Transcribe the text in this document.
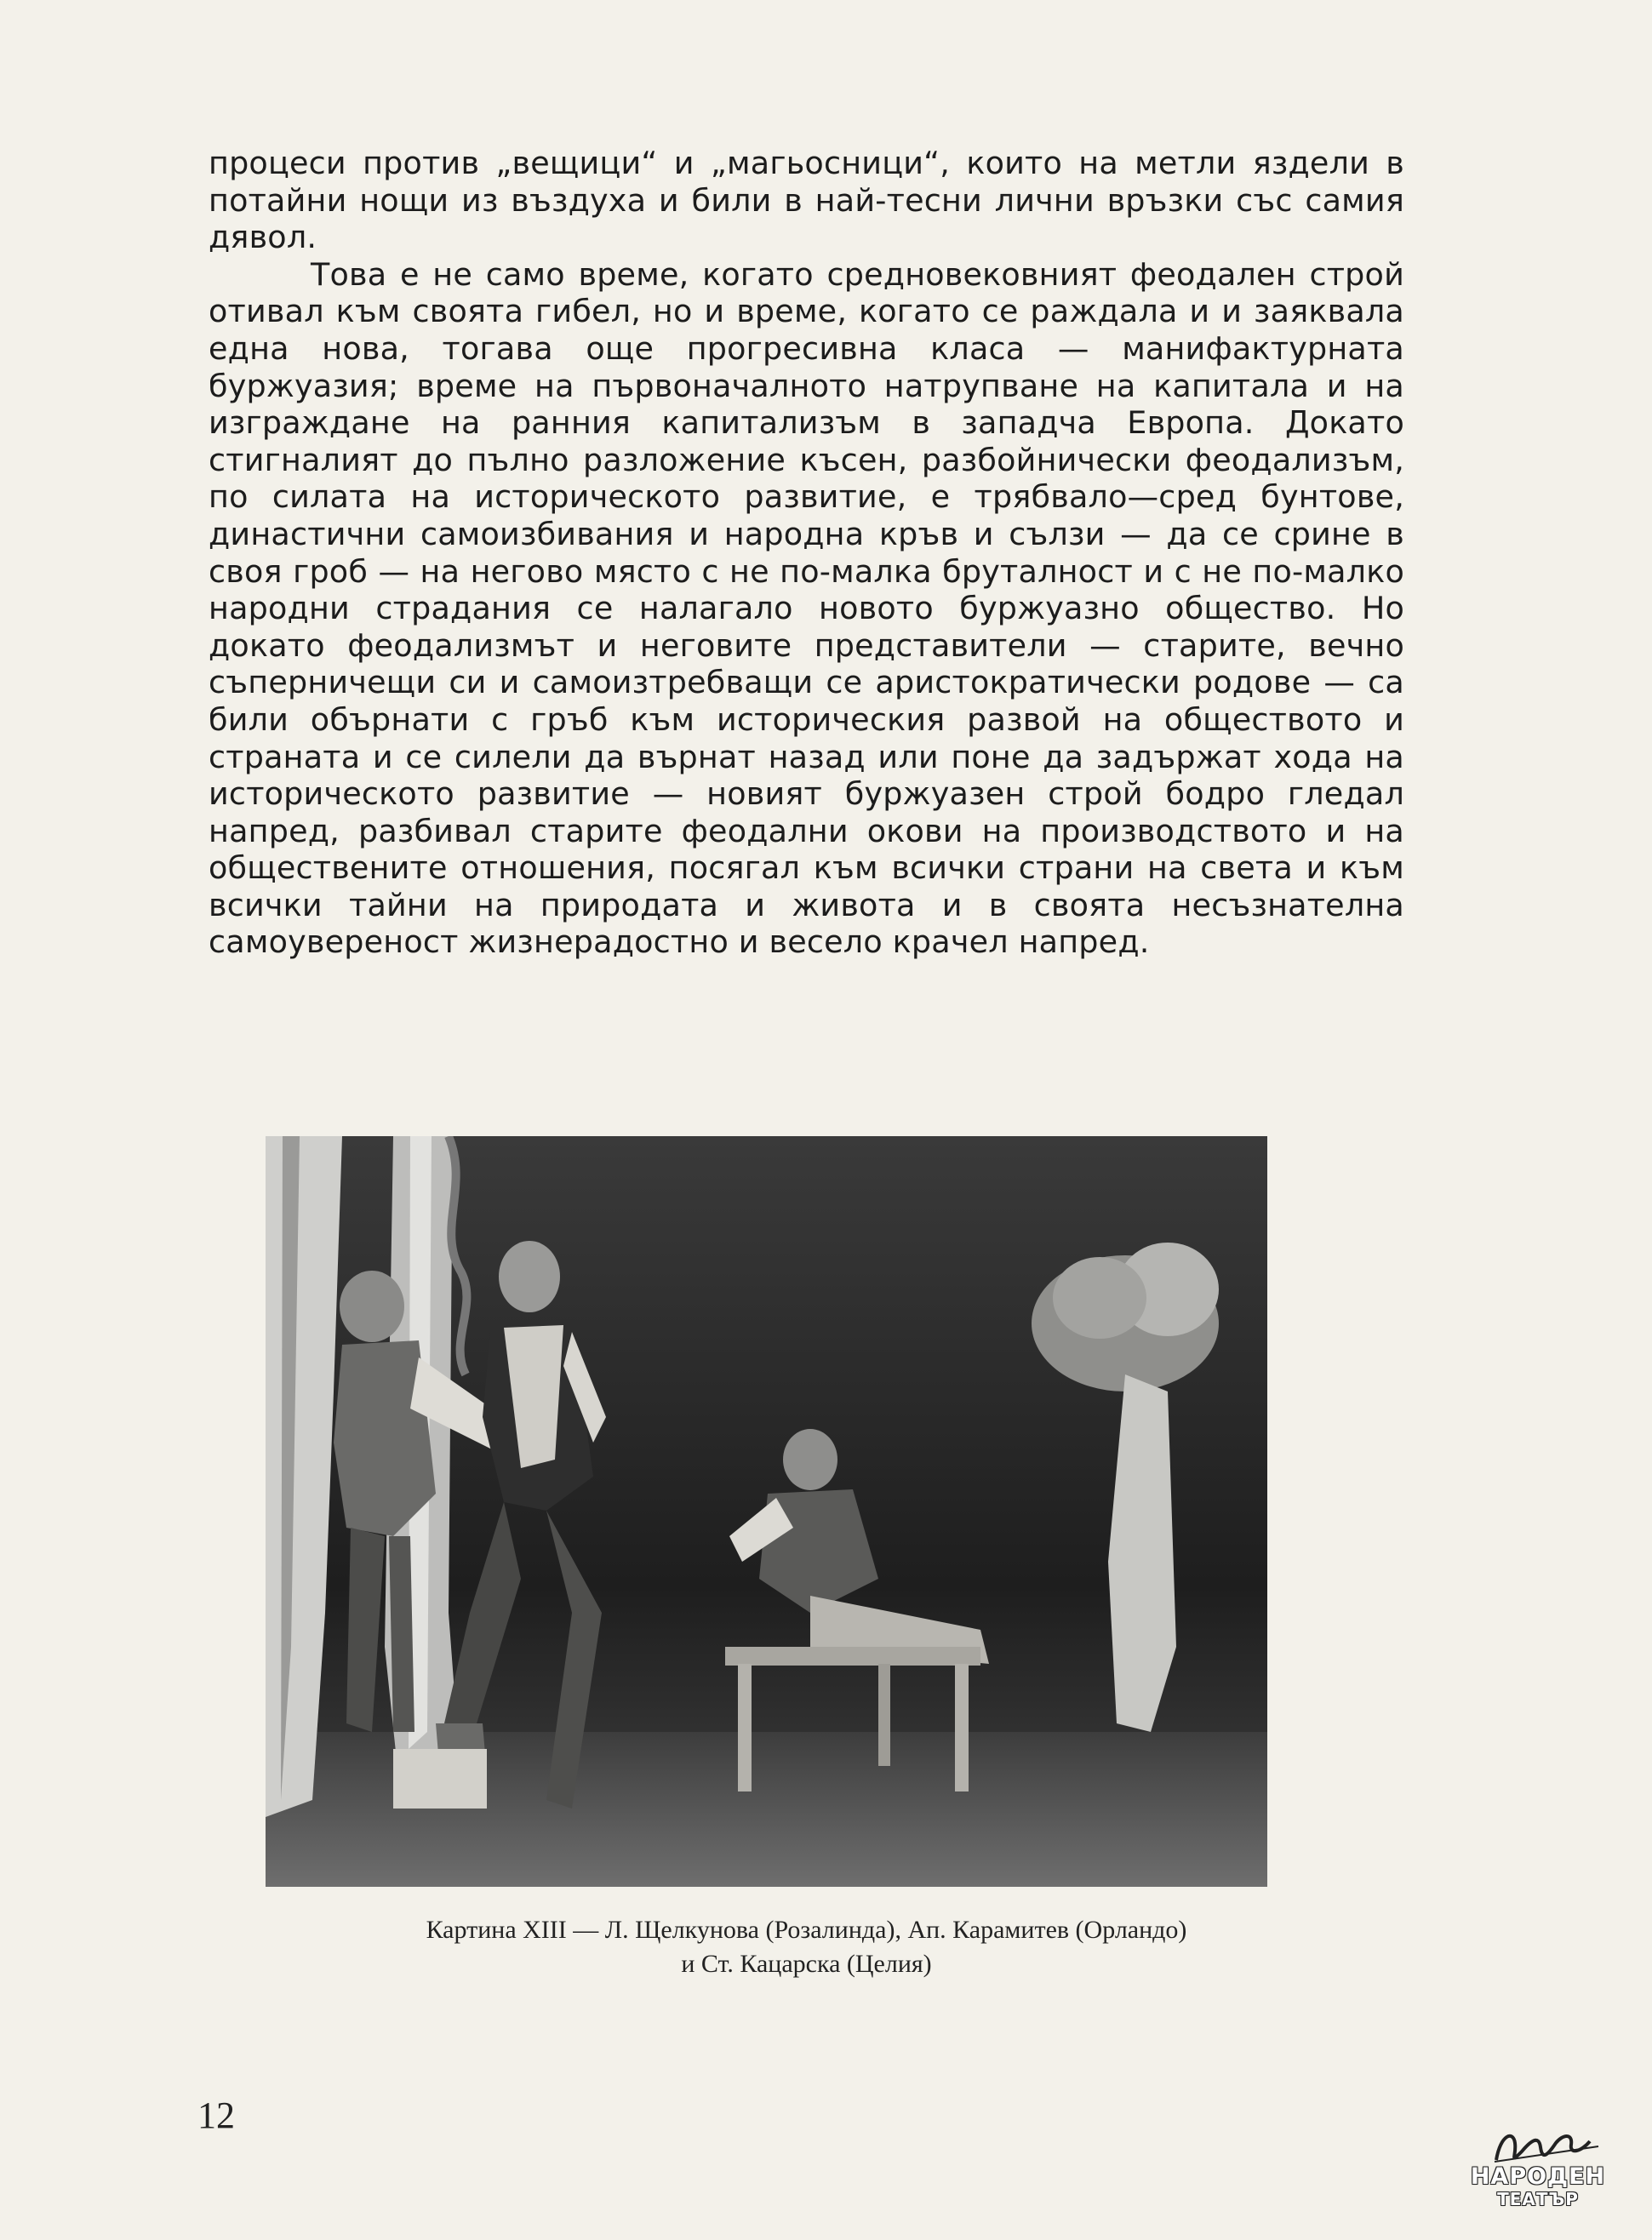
процеси против „вещици“ и „магьосници“, които на метли яздели в потайни нощи из въздуха и били в най-тесни лични връзки със самия дявол.

Това е не само време, когато средновековният феодален строй отивал към своята гибел, но и време, когато се раждала и и заяквала една нова, тогава още прогресивна класа — манифактурната буржуазия; време на първоначалното натрупване на капитала и на изграждане на ранния капитализъм в западча Европа. Докато стигналият до пълно разложение късен, разбойнически феодализъм, по силата на историческото развитие, е трябвало—сред бунтове, династични самоизбивания и народна кръв и сълзи — да се срине в своя гроб — на негово място с не по-малка бруталност и с не по-малко народни страдания се налагало новото буржуазно общество. Но докато феодализмът и неговите представители — старите, вечно съперничещи си и самоизтребващи се аристократически родове — са били обърнати с гръб към историческия развой на обществото и страната и се силели да върнат назад или поне да задържат хода на историческото развитие — новият буржуазен строй бодро гледал напред, разбивал старите феодални окови на производството и на обществените отношения, посягал към всички страни на света и към всички тайни на природата и живота и в своята несъзнателна самоувереност жизнерадостно и весело крачел напред.

Картина XIII — Л. Щелкунова (Розалинда), Ап. Карамитев (Орландо)
и Ст. Кацарска (Целия)
12
НАРОДЕН
ТЕАТЪР
